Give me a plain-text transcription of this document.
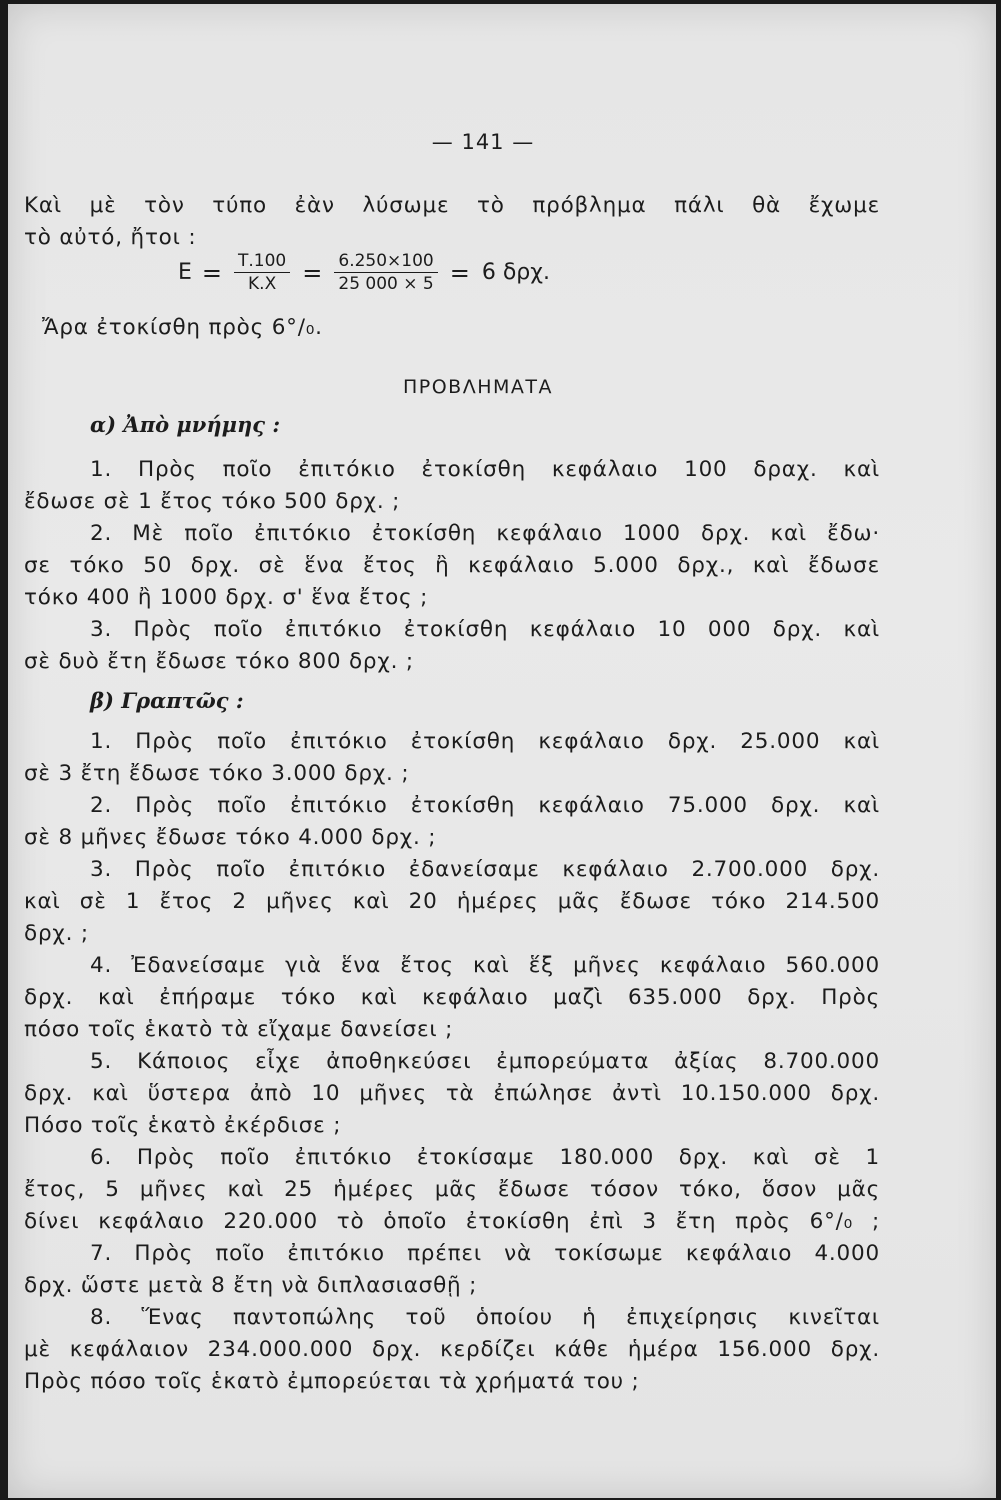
— 141 —
Καὶ μὲ τὸν τύπο ἐὰν λύσωμε τὸ πρόβλημα πάλι θὰ ἔχωμε
τὸ αὐτό, ἤτοι :
$E = \frac{T.100}{K.X} = \frac{6.250\times 100}{25 000 \times 5} = 6$ δρχ.
Ἄρα ἐτοκίσθη πρὸς 6°/₀.
ΠΡΟΒΛΗΜΑΤΑ
α) Ἀπὸ μνήμης :
1. Πρὸς ποῖο ἐπιτόκιο ἐτοκίσθη κεφάλαιο 100 δραχ. καὶ
ἔδωσε σὲ 1 ἔτος τόκο 500 δρχ. ;
2. Μὲ ποῖο ἐπιτόκιο ἐτοκίσθη κεφάλαιο 1000 δρχ. καὶ ἔδω·
σε τόκο 50 δρχ. σὲ ἕνα ἔτος ἢ κεφάλαιο 5.000 δρχ., καὶ ἔδωσε
τόκο 400 ἢ 1000 δρχ. σ' ἕνα ἔτος ;
3. Πρὸς ποῖο ἐπιτόκιο ἐτοκίσθη κεφάλαιο 10 000 δρχ. καὶ
σὲ δυὸ ἔτη ἔδωσε τόκο 800 δρχ. ;
β) Γραπτῶς :
1. Πρὸς ποῖο ἐπιτόκιο ἐτοκίσθη κεφάλαιο δρχ. 25.000 καὶ
σὲ 3 ἔτη ἔδωσε τόκο 3.000 δρχ. ;
2. Πρὸς ποῖο ἐπιτόκιο ἐτοκίσθη κεφάλαιο 75.000 δρχ. καὶ
σὲ 8 μῆνες ἔδωσε τόκο 4.000 δρχ. ;
3. Πρὸς ποῖο ἐπιτόκιο ἐδανείσαμε κεφάλαιο 2.700.000 δρχ.
καὶ σὲ 1 ἔτος 2 μῆνες καὶ 20 ἡμέρες μᾶς ἔδωσε τόκο 214.500
δρχ. ;
4. Ἐδανείσαμε γιὰ ἕνα ἔτος καὶ ἕξ μῆνες κεφάλαιο 560.000
δρχ. καὶ ἐπήραμε τόκο καὶ κεφάλαιο μαζὶ 635.000 δρχ. Πρὸς
πόσο τοῖς ἑκατὸ τὰ εἴχαμε δανείσει ;
5. Κάποιος εἶχε ἀποθηκεύσει ἐμπορεύματα ἀξίας 8.700.000
δρχ. καὶ ὕστερα ἀπὸ 10 μῆνες τὰ ἐπώλησε ἀντὶ 10.150.000 δρχ.
Πόσο τοῖς ἑκατὸ ἐκέρδισε ;
6. Πρὸς ποῖο ἐπιτόκιο ἐτοκίσαμε 180.000 δρχ. καὶ σὲ 1
ἔτος, 5 μῆνες καὶ 25 ἡμέρες μᾶς ἔδωσε τόσον τόκο, ὅσον μᾶς
δίνει κεφάλαιο 220.000 τὸ ὁποῖο ἐτοκίσθη ἐπὶ 3 ἔτη πρὸς 6°/₀ ;
7. Πρὸς ποῖο ἐπιτόκιο πρέπει νὰ τοκίσωμε κεφάλαιο 4.000
δρχ. ὥστε μετὰ 8 ἔτη νὰ διπλασιασθῇ ;
8. Ἕνας παντοπώλης τοῦ ὁποίου ἡ ἐπιχείρησις κινεῖται
μὲ κεφάλαιον 234.000.000 δρχ. κερδίζει κάθε ἡμέρα 156.000 δρχ.
Πρὸς πόσο τοῖς ἑκατὸ ἐμπορεύεται τὰ χρήματά του ;
